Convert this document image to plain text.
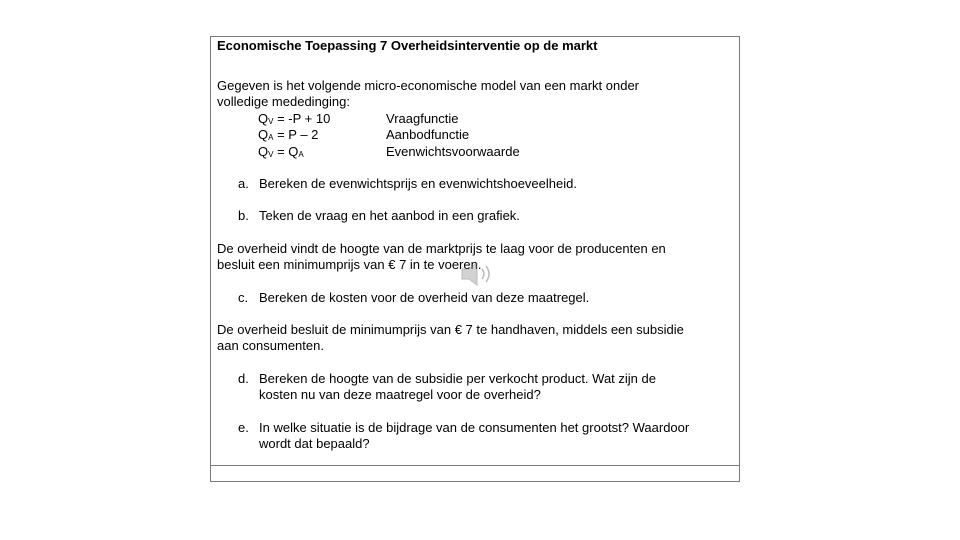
Economische Toepassing 7 Overheidsinterventie op de markt
Gegeven is het volgende micro-economische model van een markt onder
volledige mededinging:
QV = -P + 10	Vraagfunctie
QA = P – 2	Aanbodfunctie
QV = QA	Evenwichtsvoorwaarde
a. Bereken de evenwichtsprijs en evenwichtshoeveelheid.
b. Teken de vraag en het aanbod in een grafiek.
De overheid vindt de hoogte van de marktprijs te laag voor de producenten en
besluit een minimumprijs van € 7 in te voeren.
c. Bereken de kosten voor de overheid van deze maatregel.
De overheid besluit de minimumprijs van € 7 te handhaven, middels een subsidie
aan consumenten.
d. Bereken de hoogte van de subsidie per verkocht product. Wat zijn de
kosten nu van deze maatregel voor de overheid?
e. In welke situatie is de bijdrage van de consumenten het grootst? Waardoor
wordt dat bepaald?
